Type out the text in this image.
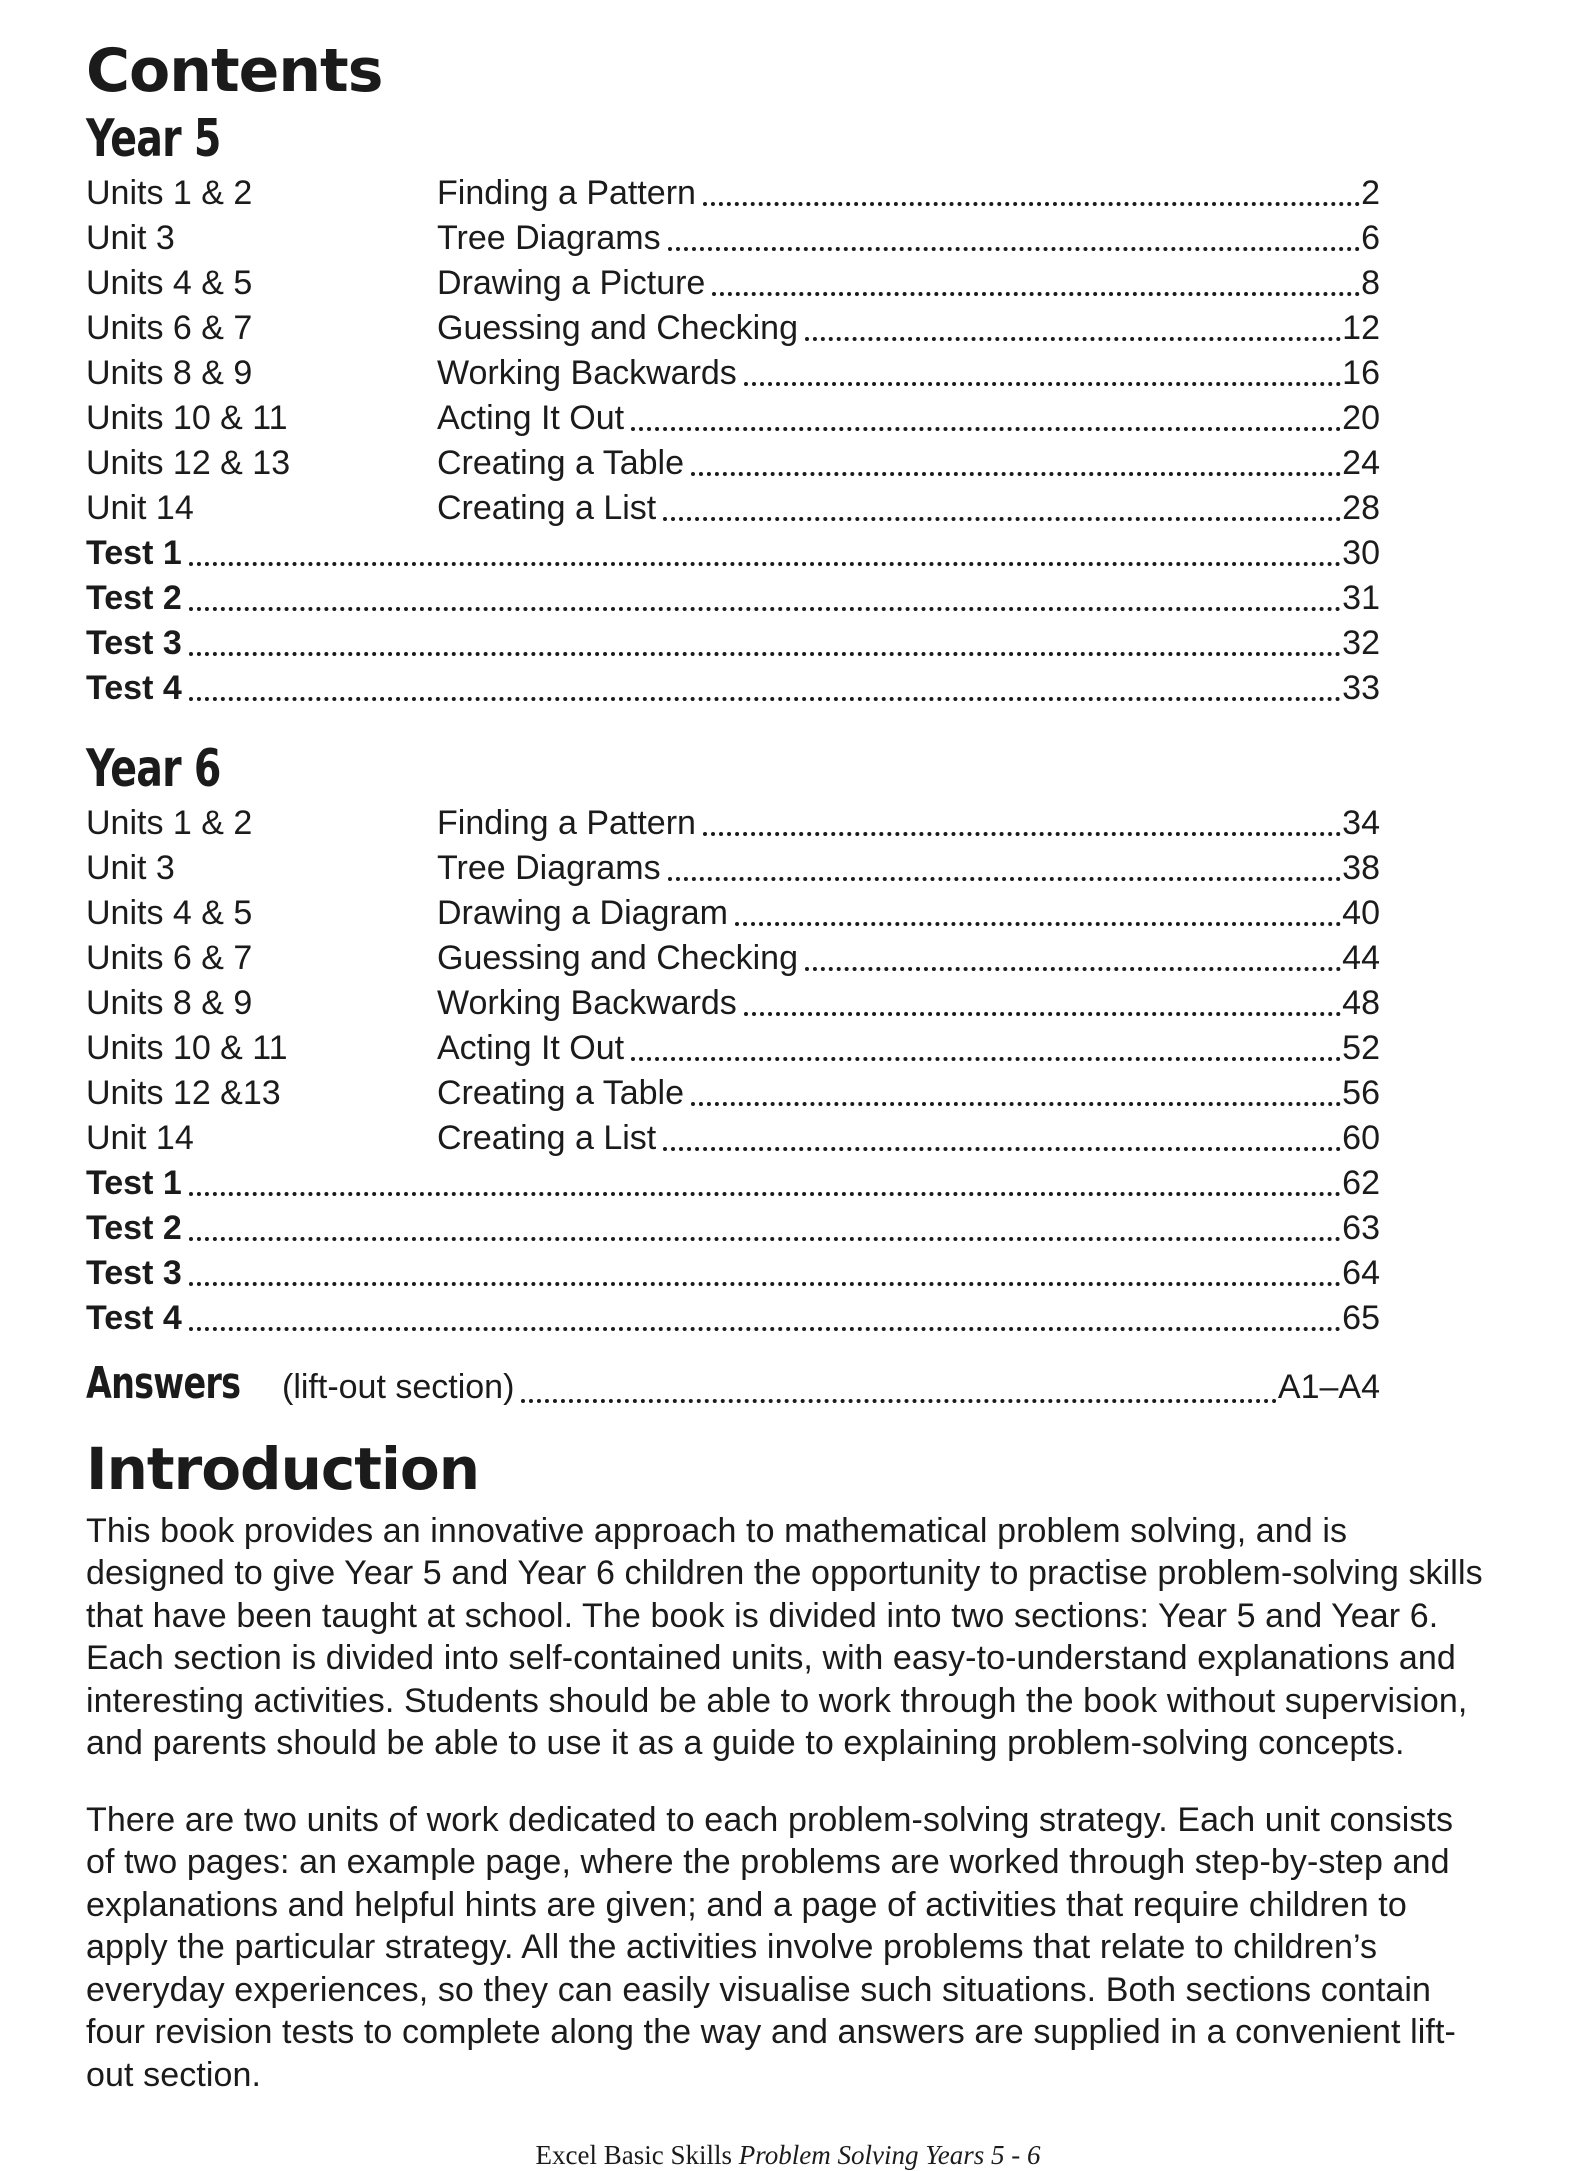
Contents
Year 5
Units 1 & 2	Finding a Pattern	2
Unit 3	Tree Diagrams	6
Units 4 & 5	Drawing a Picture	8
Units 6 & 7	Guessing and Checking	12
Units 8 & 9	Working Backwards	16
Units 10 & 11	Acting It Out	20
Units 12 & 13	Creating a Table	24
Unit 14	Creating a List	28
Test 1	30
Test 2	31
Test 3	32
Test 4	33
Year 6
Units 1 & 2	Finding a Pattern	34
Unit 3	Tree Diagrams	38
Units 4 & 5	Drawing a Diagram	40
Units 6 & 7	Guessing and Checking	44
Units 8 & 9	Working Backwards	48
Units 10 & 11	Acting It Out	52
Units 12 &13	Creating a Table	56
Unit 14	Creating a List	60
Test 1	62
Test 2	63
Test 3	64
Test 4	65
Answers	(lift-out section)	A1–A4
Introduction

This book provides an innovative approach to mathematical problem solving, and is designed to give Year 5 and Year 6 children the opportunity to practise problem-solving skills that have been taught at school. The book is divided into two sections: Year 5 and Year 6. Each section is divided into self-contained units, with easy-to-understand explanations and interesting activities. Students should be able to work through the book without supervision, and parents should be able to use it as a guide to explaining problem-solving concepts.

There are two units of work dedicated to each problem-solving strategy. Each unit consists of two pages: an example page, where the problems are worked through step-by-step and explanations and helpful hints are given; and a page of activities that require children to apply the particular strategy. All the activities involve problems that relate to children’s everyday experiences, so they can easily visualise such situations. Both sections contain four revision tests to complete along the way and answers are supplied in a convenient lift-out section.

Excel Basic Skills Problem Solving Years 5 - 6
